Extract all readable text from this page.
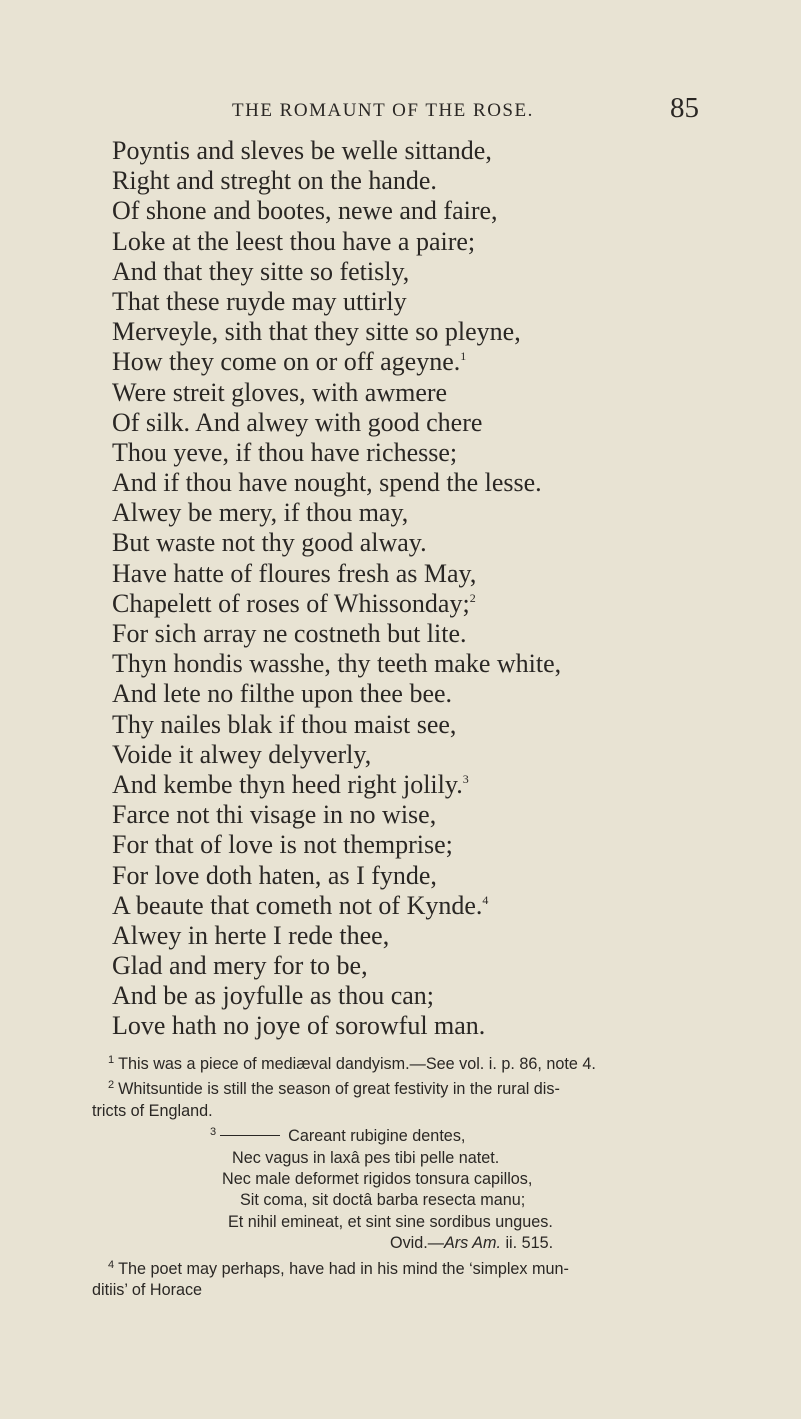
THE ROMAUNT OF THE ROSE.	85
Poyntis and sleves be welle sittande,
Right and streght on the hande.
Of shone and bootes, newe and faire,
Loke at the leest thou have a paire;
And that they sitte so fetisly,
That these ruyde may uttirly
Merveyle, sith that they sitte so pleyne,
How they come on or off ageyne.$^1$
Were streit gloves, with awmere
Of silk. And alwey with good chere
Thou yeve, if thou have richesse;
And if thou have nought, spend the lesse.
Alwey be mery, if thou may,
But waste not thy good alway.
Have hatte of floures fresh as May,
Chapelett of roses of Whissonday;$^2$
For sich array ne costneth but lite.
Thyn hondis wasshe, thy teeth make white,
And lete no filthe upon thee bee.
Thy nailes blak if thou maist see,
Voide it alwey delyverly,
And kembe thyn heed right jolily.$^3$
Farce not thi visage in no wise,
For that of love is not themprise;
For love doth haten, as I fynde,
A beaute that cometh not of Kynde.$^4$
Alwey in herte I rede thee,
Glad and mery for to be,
And be as joyfulle as thou can;
Love hath no joye of sorowful man.

$^1$ This was a piece of mediæval dandyism.—See vol. i. p. 86, note 4.

$^2$ Whitsuntide is still the season of great festivity in the rural dis-
tricts of England.

$^3$	Careant rubigine dentes,
Nec vagus in laxâ pes tibi pelle natet.
Nec male deformet rigidos tonsura capillos,
Sit coma, sit doctâ barba resecta manu;
Et nihil emineat, et sint sine sordibus ungues.
Ovid.—Ars Am. ii. 515.

$^4$ The poet may perhaps, have had in his mind the ‘simplex mun-
ditiis’ of Horace
